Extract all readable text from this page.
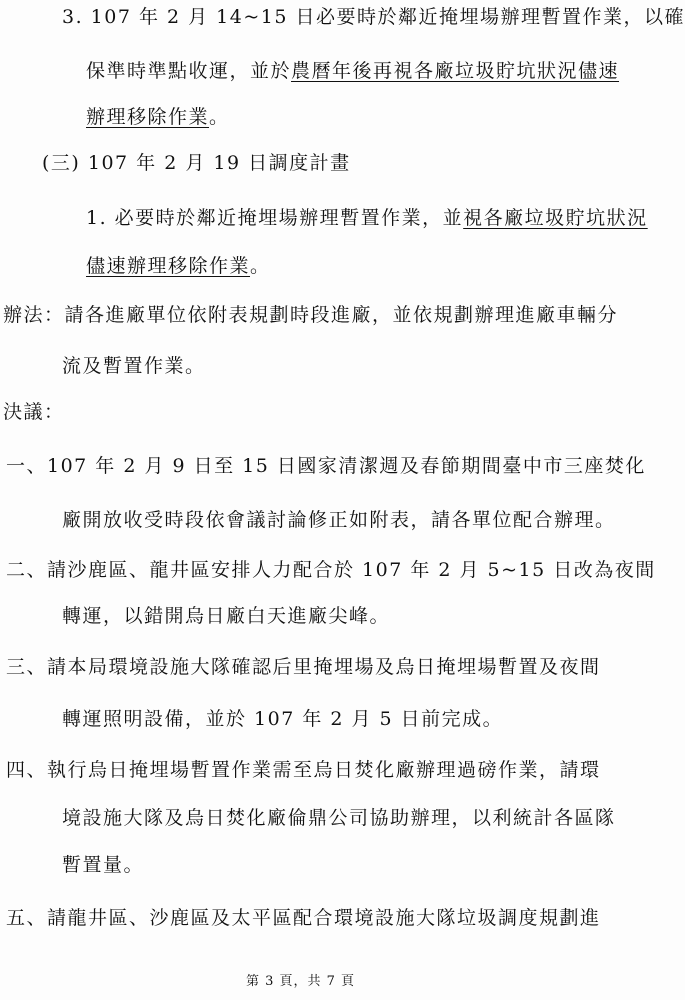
3. 107 年 2 月 14~15 日必要時於鄰近掩埋場辦理暫置作業，以確
保準時準點收運，並於農曆年後再視各廠垃圾貯坑狀況儘速
辦理移除作業。
(三) 107 年 2 月 19 日調度計畫
1. 必要時於鄰近掩埋場辦理暫置作業，並視各廠垃圾貯坑狀況
儘速辦理移除作業。
辦法：請各進廠單位依附表規劃時段進廠，並依規劃辦理進廠車輛分
流及暫置作業。
決議：
一、107 年 2 月 9 日至 15 日國家清潔週及春節期間臺中市三座焚化
廠開放收受時段依會議討論修正如附表，請各單位配合辦理。
二、請沙鹿區、龍井區安排人力配合於 107 年 2 月 5~15 日改為夜間
轉運，以錯開烏日廠白天進廠尖峰。
三、請本局環境設施大隊確認后里掩埋場及烏日掩埋場暫置及夜間
轉運照明設備，並於 107 年 2 月 5 日前完成。
四、執行烏日掩埋場暫置作業需至烏日焚化廠辦理過磅作業，請環
境設施大隊及烏日焚化廠倫鼎公司協助辦理，以利統計各區隊
暫置量。
五、請龍井區、沙鹿區及太平區配合環境設施大隊垃圾調度規劃進
第 3 頁，共 7 頁
